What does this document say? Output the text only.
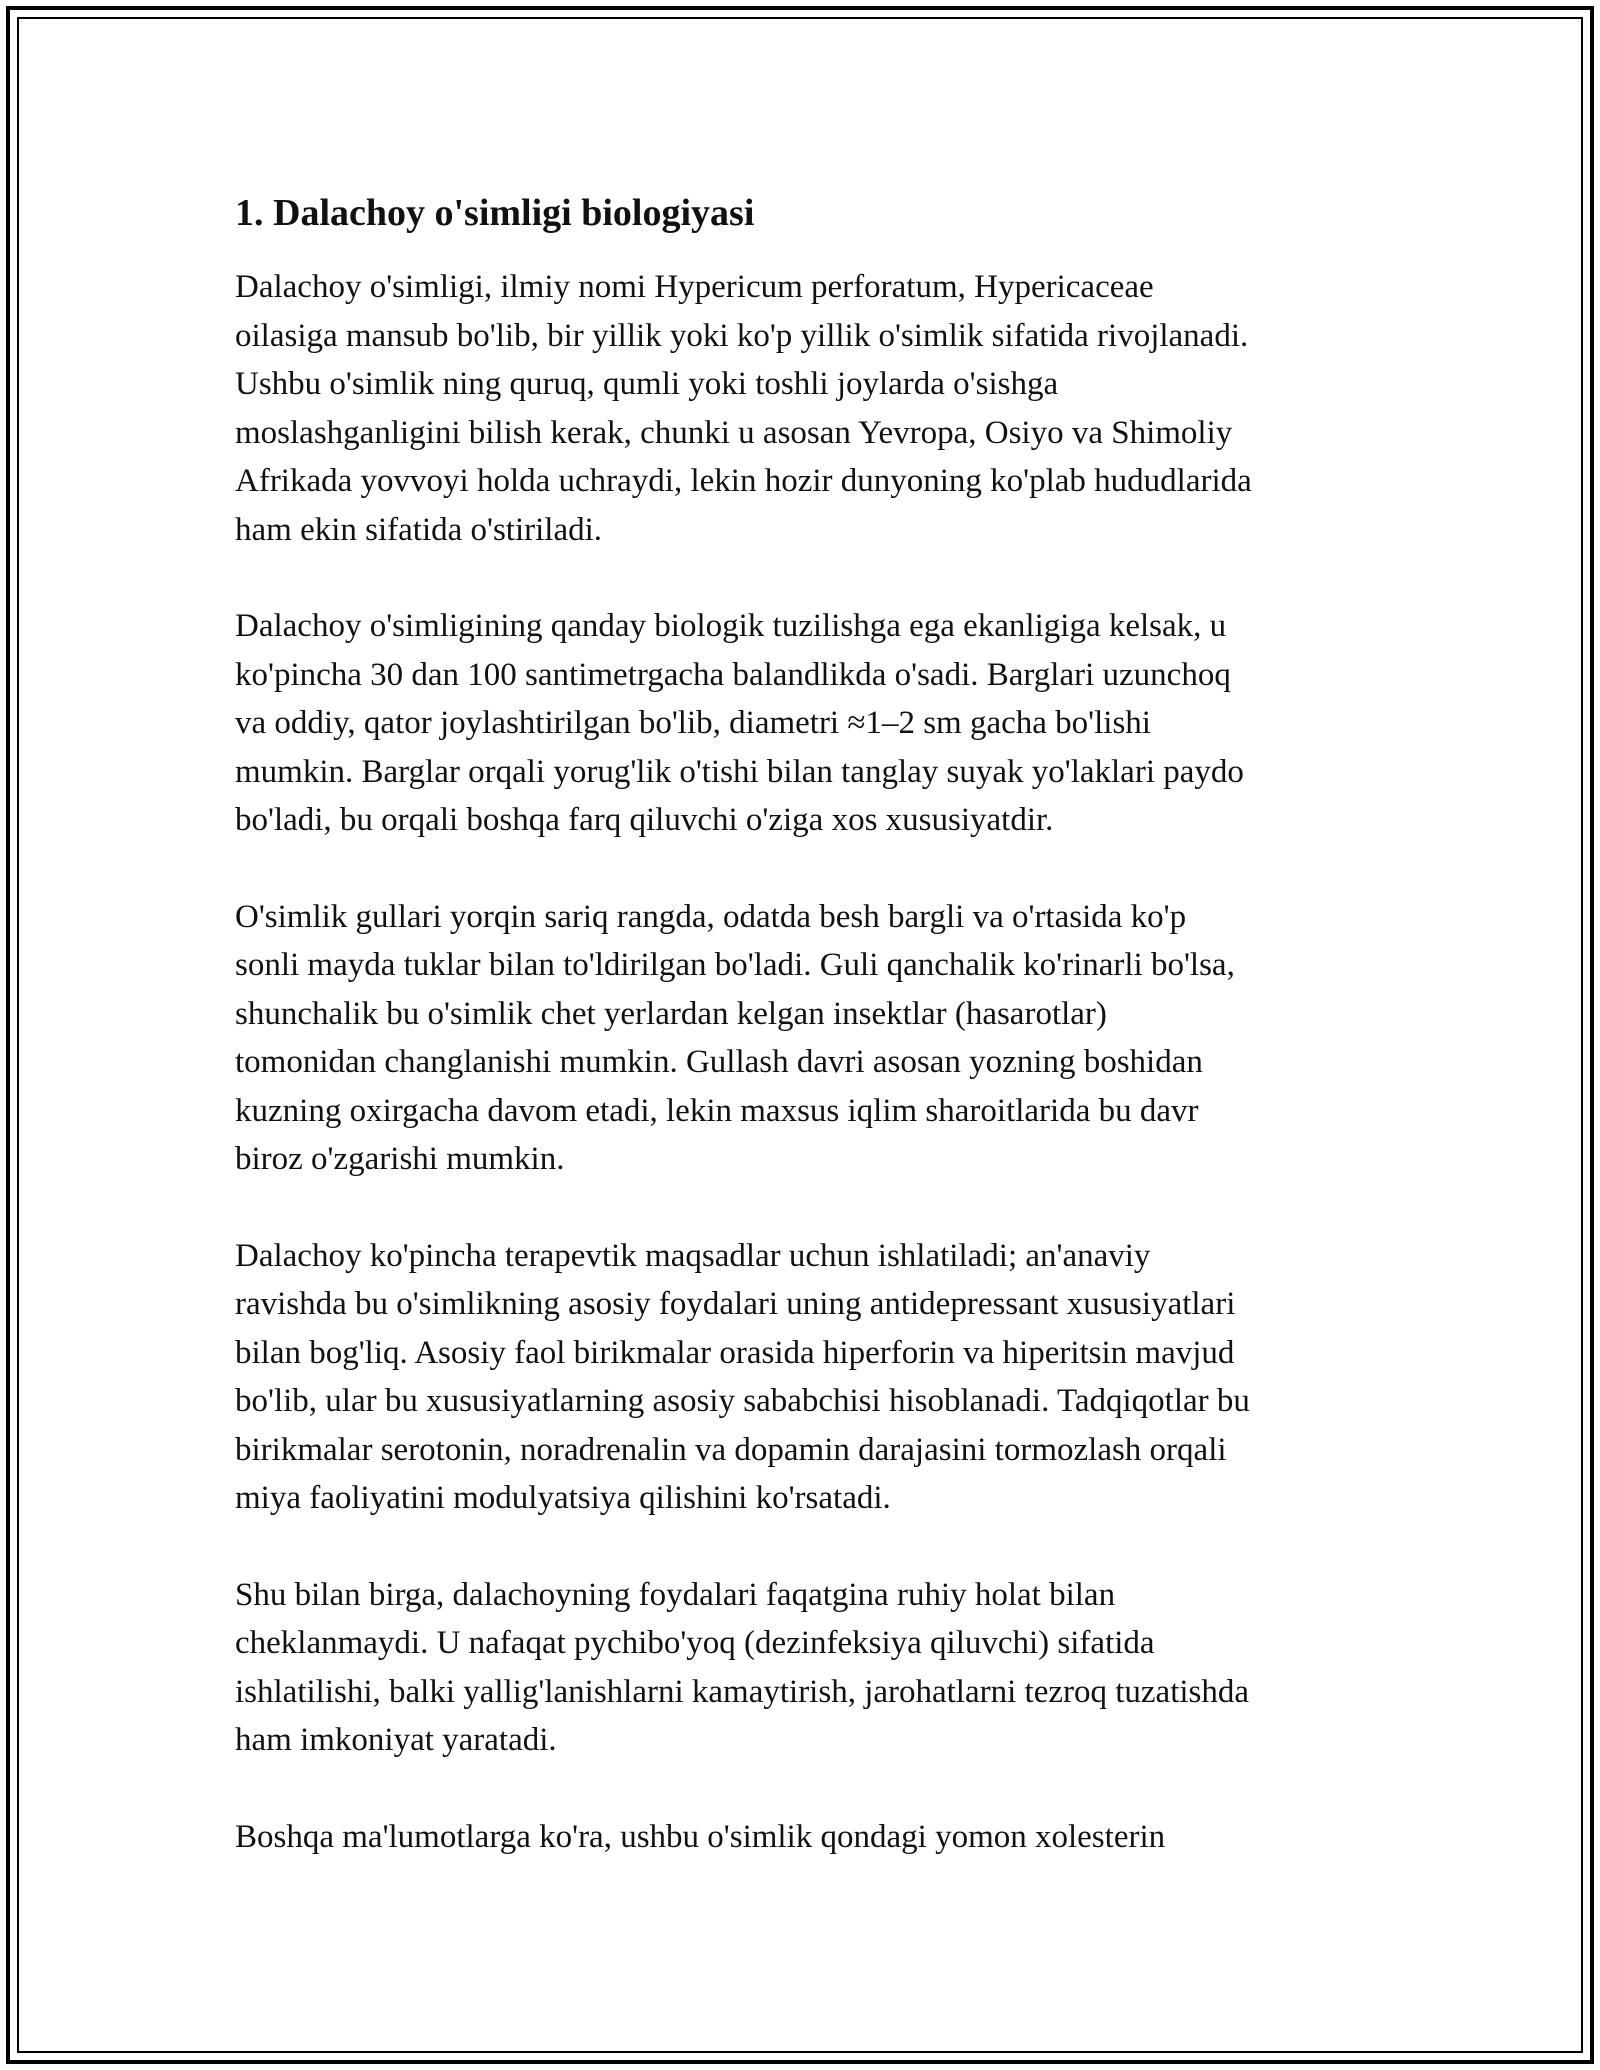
1. Dalachoy o'simligi biologiyasi

Dalachoy o'simligi, ilmiy nomi Hypericum perforatum, Hypericaceae
oilasiga mansub bo'lib, bir yillik yoki ko'p yillik o'simlik sifatida rivojlanadi.
Ushbu o'simlik ning quruq, qumli yoki toshli joylarda o'sishga
moslashganligini bilish kerak, chunki u asosan Yevropa, Osiyo va Shimoliy
Afrikada yovvoyi holda uchraydi, lekin hozir dunyoning ko'plab hududlarida
ham ekin sifatida o'stiriladi.

Dalachoy o'simligining qanday biologik tuzilishga ega ekanligiga kelsak, u
ko'pincha 30 dan 100 santimetrgacha balandlikda o'sadi. Barglari uzunchoq
va oddiy, qator joylashtirilgan bo'lib, diametri ≈1–2 sm gacha bo'lishi
mumkin. Barglar orqali yorug'lik o'tishi bilan tanglay suyak yo'laklari paydo
bo'ladi, bu orqali boshqa farq qiluvchi o'ziga xos xususiyatdir.

O'simlik gullari yorqin sariq rangda, odatda besh bargli va o'rtasida ko'p
sonli mayda tuklar bilan to'ldirilgan bo'ladi. Guli qanchalik ko'rinarli bo'lsa,
shunchalik bu o'simlik chet yerlardan kelgan insektlar (hasarotlar)
tomonidan changlanishi mumkin. Gullash davri asosan yozning boshidan
kuzning oxirgacha davom etadi, lekin maxsus iqlim sharoitlarida bu davr
biroz o'zgarishi mumkin.

Dalachoy ko'pincha terapevtik maqsadlar uchun ishlatiladi; an'anaviy
ravishda bu o'simlikning asosiy foydalari uning antidepressant xususiyatlari
bilan bog'liq. Asosiy faol birikmalar orasida hiperforin va hiperitsin mavjud
bo'lib, ular bu xususiyatlarning asosiy sababchisi hisoblanadi. Tadqiqotlar bu
birikmalar serotonin, noradrenalin va dopamin darajasini tormozlash orqali
miya faoliyatini modulyatsiya qilishini ko'rsatadi.

Shu bilan birga, dalachoyning foydalari faqatgina ruhiy holat bilan
cheklanmaydi. U nafaqat pychibo'yoq (dezinfeksiya qiluvchi) sifatida
ishlatilishi, balki yallig'lanishlarni kamaytirish, jarohatlarni tezroq tuzatishda
ham imkoniyat yaratadi.

Boshqa ma'lumotlarga ko'ra, ushbu o'simlik qondagi yomon xolesterin
